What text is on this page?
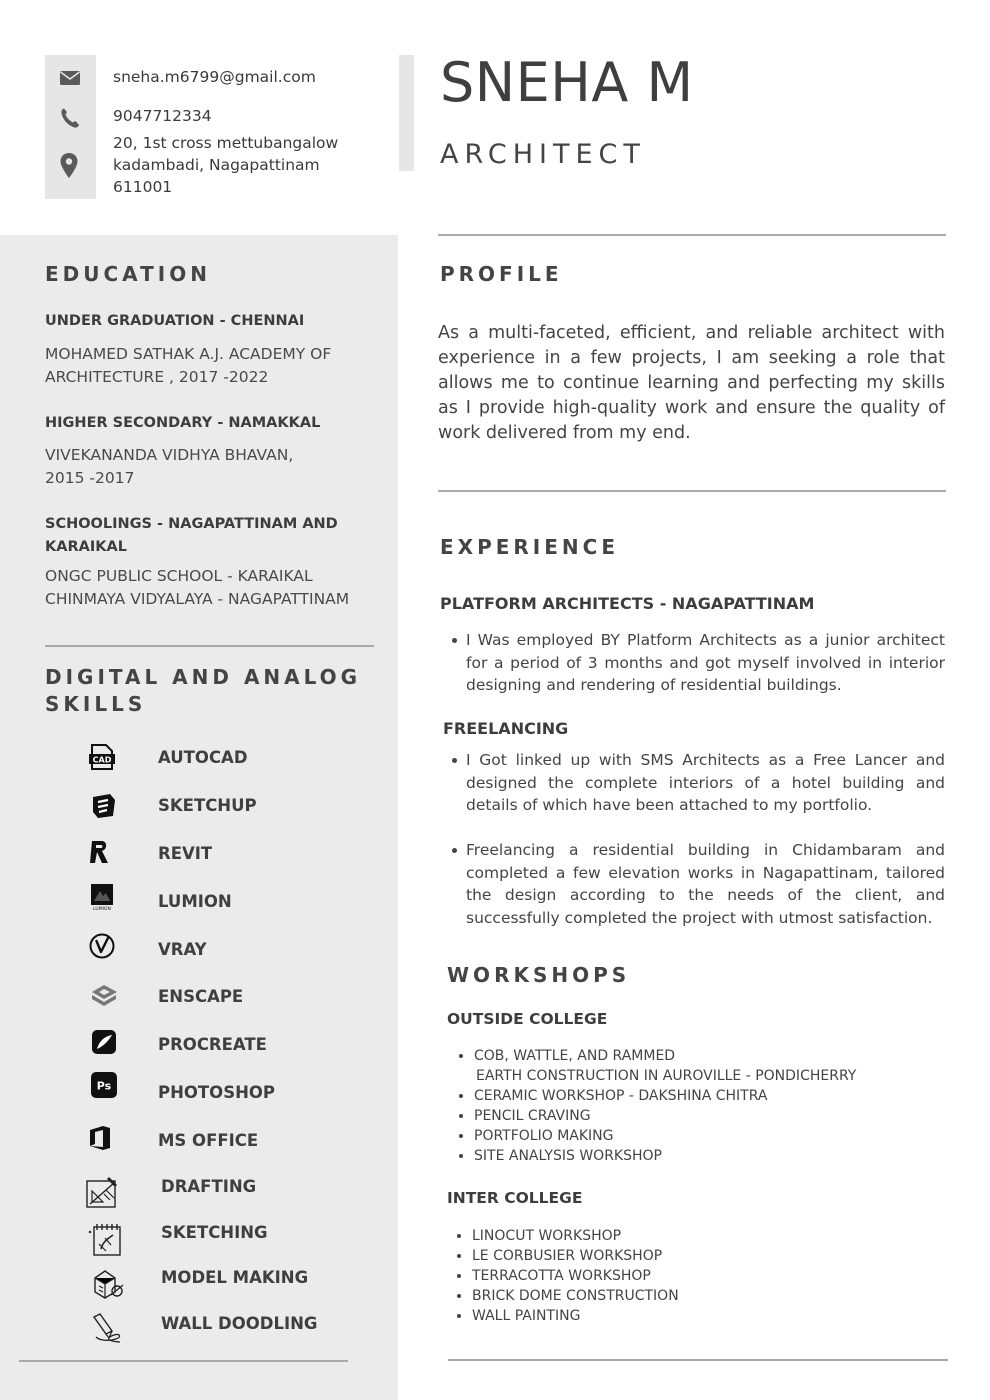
sneha.m6799@gmail.com
9047712334
20, 1st cross mettubangalow
kadambadi, Nagapattinam
611001
SNEHA M
ARCHITECT
EDUCATION
UNDER GRADUATION - CHENNAI
MOHAMED SATHAK A.J. ACADEMY OF
ARCHITECTURE , 2017 -2022
HIGHER SECONDARY - NAMAKKAL
VIVEKANANDA VIDHYA BHAVAN,
2015 -2017
SCHOOLINGS - NAGAPATTINAM AND
KARAIKAL
ONGC PUBLIC SCHOOL - KARAIKAL
CHINMAYA VIDYALAYA - NAGAPATTINAM
DIGITAL AND ANALOG
SKILLS
CAD	AUTOCAD
SKETCHUP
REVIT
LUMION	LUMION
VRAY
ENSCAPE
PROCREATE
Ps	PHOTOSHOP
MS OFFICE
DRAFTING
SKETCHING
MODEL MAKING
WALL DOODLING
PROFILE
As a multi-faceted, efficient, and reliable architect with experience in a few projects, I am seeking a role that allows me to continue learning and perfecting my skills as I provide high-quality work and ensure the quality of work delivered from my end.
EXPERIENCE
PLATFORM ARCHITECTS - NAGAPATTINAM
I Was employed BY Platform Architects as a junior architect for a period of 3 months and got myself involved in interior designing and rendering of residential buildings.
FREELANCING
I Got linked up with SMS Architects as a Free Lancer and designed the complete interiors of a hotel building and details of which have been attached to my portfolio.
Freelancing a residential building in Chidambaram and completed a few elevation works in Nagapattinam, tailored the design according to the needs of the client, and successfully completed the project with utmost satisfaction.
WORKSHOPS
OUTSIDE COLLEGE
COB, WATTLE, AND RAMMED
EARTH CONSTRUCTION IN AUROVILLE - PONDICHERRY
CERAMIC WORKSHOP - DAKSHINA CHITRA
PENCIL CRAVING
PORTFOLIO MAKING
SITE ANALYSIS WORKSHOP
INTER COLLEGE
LINOCUT WORKSHOP
LE CORBUSIER WORKSHOP
TERRACOTTA WORKSHOP
BRICK DOME CONSTRUCTION
WALL PAINTING
